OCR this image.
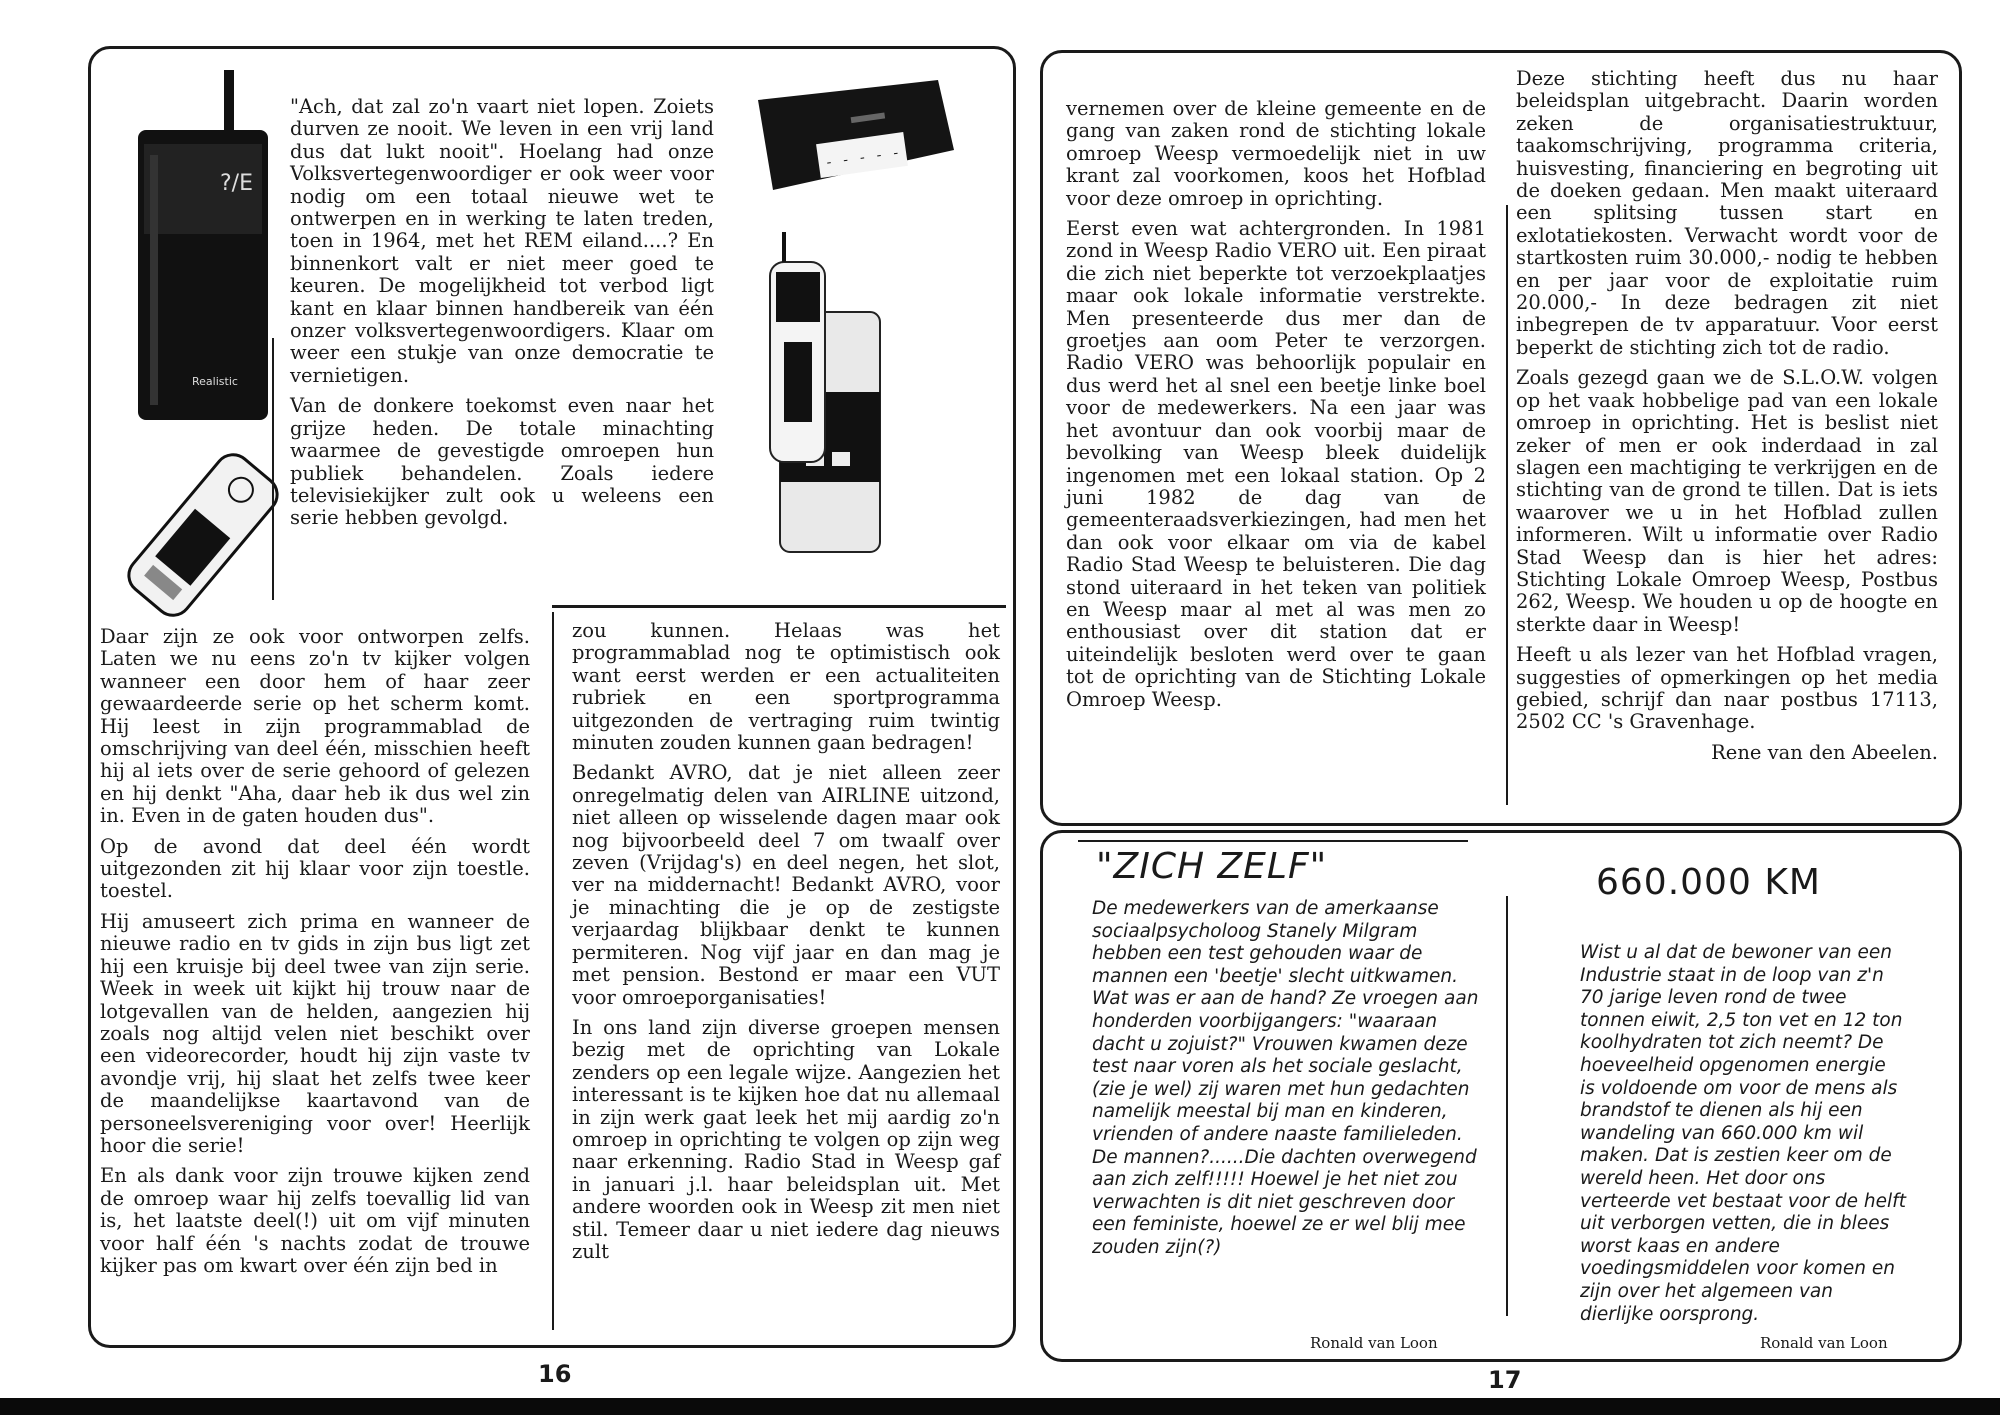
?/E
Realistic
- - - - - -

"Ach, dat zal zo'n vaart niet lopen. Zoiets durven ze nooit. We leven in een vrij land dus dat lukt nooit". Hoelang had onze Volksvertegenwoordiger er ook weer voor nodig om een totaal nieuwe wet te ontwerpen en in werking te laten treden, toen in 1964, met het REM eiland....? En binnenkort valt er niet meer goed te keuren. De mogelijkheid tot verbod ligt kant en klaar binnen handbereik van één onzer volksvertegenwoordigers. Klaar om weer een stukje van onze democratie te vernietigen.

Van de donkere toekomst even naar het grijze heden. De totale minachting waarmee de gevestigde omroepen hun publiek behandelen. Zoals iedere televisiekijker zult ook u weleens een serie hebben gevolgd.

Daar zijn ze ook voor ontworpen zelfs. Laten we nu eens zo'n tv kijker volgen wanneer een door hem of haar zeer gewaardeerde serie op het scherm komt. Hij leest in zijn programmablad de omschrijving van deel één, misschien heeft hij al iets over de serie gehoord of gelezen en hij denkt "Aha, daar heb ik dus wel zin in. Even in de gaten houden dus".

Op de avond dat deel één wordt uitgezonden zit hij klaar voor zijn toestle. toestel.

Hij amuseert zich prima en wanneer de nieuwe radio en tv gids in zijn bus ligt zet hij een kruisje bij deel twee van zijn serie. Week in week uit kijkt hij trouw naar de lotgevallen van de helden, aangezien hij zoals nog altijd velen niet beschikt over een videorecorder, houdt hij zijn vaste tv avondje vrij, hij slaat het zelfs twee keer de maandelijkse kaartavond van de personeelsvereniging voor over! Heerlijk hoor die serie!

En als dank voor zijn trouwe kijken zend de omroep waar hij zelfs toevallig lid van is, het laatste deel(!) uit om vijf minuten voor half één 's nachts zodat de trouwe kijker pas om kwart over één zijn bed in

zou kunnen. Helaas was het programmablad nog te optimistisch ook want eerst werden er een actualiteiten rubriek en een sportprogramma uitgezonden de vertraging ruim twintig minuten zouden kunnen gaan bedragen!

Bedankt AVRO, dat je niet alleen zeer onregelmatig delen van AIRLINE uitzond, niet alleen op wisselende dagen maar ook nog bijvoorbeeld deel 7 om twaalf over zeven (Vrijdag's) en deel negen, het slot, ver na middernacht! Bedankt AVRO, voor je minachting die je op de zestigste verjaardag blijkbaar denkt te kunnen permiteren. Nog vijf jaar en dan mag je met pension. Bestond er maar een VUT voor omroeporganisaties!

In ons land zijn diverse groepen mensen bezig met de oprichting van Lokale zenders op een legale wijze. Aangezien het interessant is te kijken hoe dat nu allemaal in zijn werk gaat leek het mij aardig zo'n omroep in oprichting te volgen op zijn weg naar erkenning. Radio Stad in Weesp gaf in januari j.l. haar beleidsplan uit. Met andere woorden ook in Weesp zit men niet stil. Temeer daar u niet iedere dag nieuws zult

16

vernemen over de kleine gemeente en de gang van zaken rond de stichting lokale omroep Weesp vermoedelijk niet in uw krant zal voorkomen, koos het Hofblad voor deze omroep in oprichting.

Eerst even wat achtergronden. In 1981 zond in Weesp Radio VERO uit. Een piraat die zich niet beperkte tot verzoekplaatjes maar ook lokale informatie verstrekte. Men presenteerde dus mer dan de groetjes aan oom Peter te verzorgen. Radio VERO was behoorlijk populair en dus werd het al snel een beetje linke boel voor de medewerkers. Na een jaar was het avontuur dan ook voorbij maar de bevolking van Weesp bleek duidelijk ingenomen met een lokaal station. Op 2 juni 1982 de dag van de gemeenteraadsverkiezingen, had men het dan ook voor elkaar om via de kabel Radio Stad Weesp te beluisteren. Die dag stond uiteraard in het teken van politiek en Weesp maar al met al was men zo enthousiast over dit station dat er uiteindelijk besloten werd over te gaan tot de oprichting van de Stichting Lokale Omroep Weesp.

Deze stichting heeft dus nu haar beleidsplan uitgebracht. Daarin worden zeken de organisatiestruktuur, taakomschrijving, programma criteria, huisvesting, financiering en begroting uit de doeken gedaan. Men maakt uiteraard een splitsing tussen start en exlotatiekosten. Verwacht wordt voor de startkosten ruim 30.000,- nodig te hebben en per jaar voor de exploitatie ruim 20.000,- In deze bedragen zit niet inbegrepen de tv apparatuur. Voor eerst beperkt de stichting zich tot de radio.

Zoals gezegd gaan we de S.L.O.W. volgen op het vaak hobbelige pad van een lokale omroep in oprichting. Het is beslist niet zeker of men er ook inderdaad in zal slagen een machtiging te verkrijgen en de stichting van de grond te tillen. Dat is iets waarover we u in het Hofblad zullen informeren. Wilt u informatie over Radio Stad Weesp dan is hier het adres: Stichting Lokale Omroep Weesp, Postbus 262, Weesp. We houden u op de hoogte en sterkte daar in Weesp!

Heeft u als lezer van het Hofblad vragen, suggesties of opmerkingen op het media gebied, schrijf dan naar postbus 17113, 2502 CC 's Gravenhage.

Rene van den Abeelen.
"ZICH ZELF"
De medewerkers van de amerkaanse sociaalpsycholoog Stanely Milgram hebben een test gehouden waar de mannen een 'beetje' slecht uitkwamen. Wat was er aan de hand? Ze vroegen aan honderden voorbijgangers: "waaraan dacht u zojuist?" Vrouwen kwamen deze test naar voren als het sociale geslacht, (zie je wel) zij waren met hun gedachten namelijk meestal bij man en kinderen, vrienden of andere naaste familieleden. De mannen?......Die dachten overwegend aan zich zelf!!!!! Hoewel je het niet zou verwachten is dit niet geschreven door een feministe, hoewel ze er wel blij mee zouden zijn(?)
Ronald van Loon
660.000 KM
Wist u al dat de bewoner van een Industrie staat in de loop van z'n 70 jarige leven rond de twee tonnen eiwit, 2,5 ton vet en 12 ton koolhydraten tot zich neemt? De hoeveelheid opgenomen energie is voldoende om voor de mens als brandstof te dienen als hij een wandeling van 660.000 km wil maken. Dat is zestien keer om de wereld heen. Het door ons verteerde vet bestaat voor de helft uit verborgen vetten, die in blees worst kaas en andere voedingsmiddelen voor komen en zijn over het algemeen van dierlijke oorsprong.
Ronald van Loon
17
